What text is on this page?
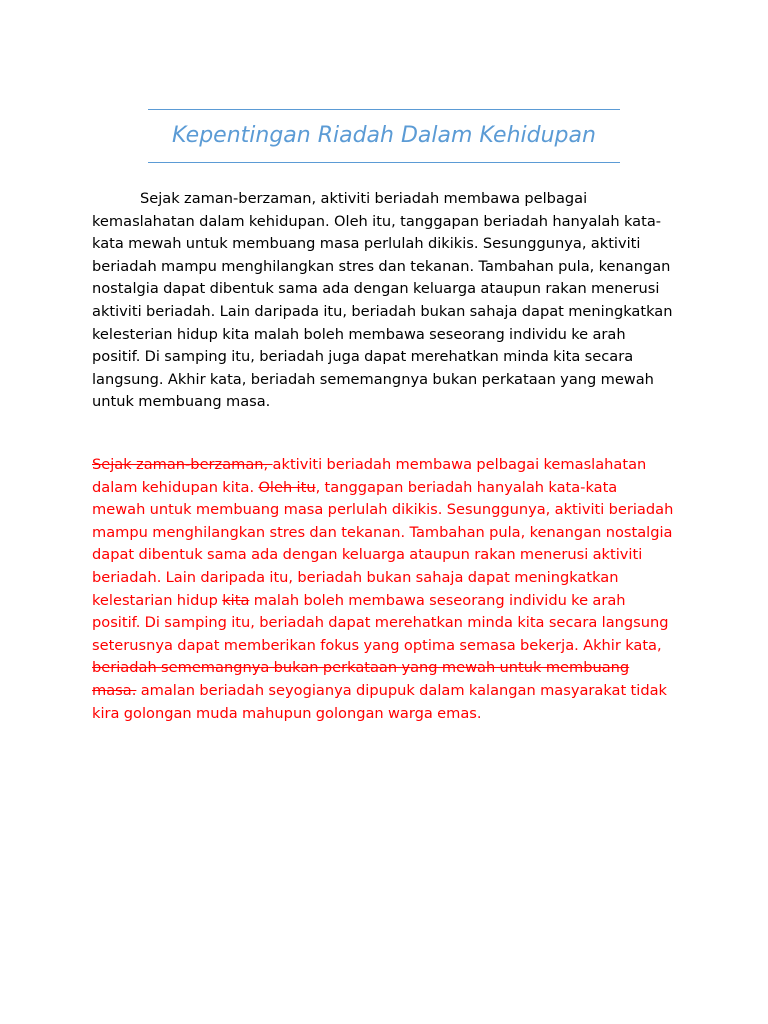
Kepentingan Riadah Dalam Kehidupan
Sejak zaman-berzaman, aktiviti beriadah membawa pelbagai
kemaslahatan dalam kehidupan. Oleh itu, tanggapan beriadah hanyalah kata-
kata mewah untuk membuang masa perlulah dikikis. Sesunggunya, aktiviti
beriadah mampu menghilangkan stres dan tekanan. Tambahan pula, kenangan
nostalgia dapat dibentuk sama ada dengan keluarga ataupun rakan menerusi
aktiviti beriadah. Lain daripada itu, beriadah bukan sahaja dapat meningkatkan
kelesterian hidup kita malah boleh membawa seseorang individu ke arah
positif. Di samping itu, beriadah juga dapat merehatkan minda kita secara
langsung. Akhir kata, beriadah sememangnya bukan perkataan yang mewah
untuk membuang masa.
Sejak zaman-berzaman, aktiviti beriadah membawa pelbagai kemaslahatan
dalam kehidupan kita. Oleh itu, tanggapan beriadah hanyalah kata-kata
mewah untuk membuang masa perlulah dikikis. Sesunggunya, aktiviti beriadah
mampu menghilangkan stres dan tekanan. Tambahan pula, kenangan nostalgia
dapat dibentuk sama ada dengan keluarga ataupun rakan menerusi aktiviti
beriadah. Lain daripada itu, beriadah bukan sahaja dapat meningkatkan
kelestarian hidup kita malah boleh membawa seseorang individu ke arah
positif. Di samping itu, beriadah dapat merehatkan minda kita secara langsung
seterusnya dapat memberikan fokus yang optima semasa bekerja. Akhir kata,
beriadah sememangnya bukan perkataan yang mewah untuk membuang
masa. amalan beriadah seyogianya dipupuk dalam kalangan masyarakat tidak
kira golongan muda mahupun golongan warga emas.
